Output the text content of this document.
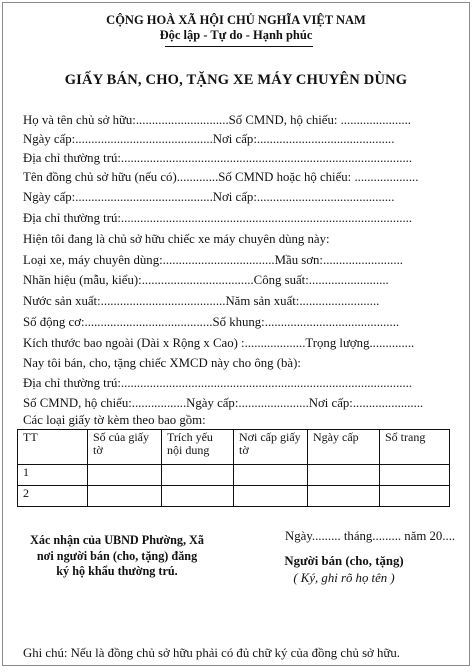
CỘNG HOÀ XÃ HỘI CHỦ NGHĨA VIỆT NAM
Độc lập - Tự do - Hạnh phúc
GIẤY BÁN, CHO, TẶNG XE MÁY CHUYÊN DÙNG
Họ và tên chủ sở hữu:.............................Số CMND, hộ chiếu: ......................
Ngày cấp:...........................................Nơi cấp:...........................................
Địa chỉ thường trú:...........................................................................................
Tên đồng chủ sở hữu (nếu có).............Số CMND hoặc hộ chiếu: ....................
Ngày cấp:...........................................Nơi cấp:...........................................
Địa chỉ thường trú:...........................................................................................
Hiện tôi đang là chủ sở hữu chiếc xe máy chuyên dùng này:
Loại xe, máy chuyên dùng:...................................Mầu sơn:.........................
Nhãn hiệu (mẫu, kiểu):...................................Công suất:.........................
Nước sản xuất:.......................................Năm sản xuất:.........................
Số động cơ:........................................Số khung:..........................................
Kích thước bao ngoài (Dài x Rộng x Cao) :...................Trọng lượng..............
Nay tôi bán, cho, tặng chiếc XMCD này cho ông (bà):
Địa chỉ thường trú:...........................................................................................
Số CMND, hộ chiếu:.................Ngày cấp:......................Nơi cấp:......................
Các loại giấy tờ kèm theo bao gồm:
TT	Số của giấy tờ	Trích yếu nội dung	Nơi cấp giấy tờ	Ngày cấp	Số trang
1					
2					
Xác nhận của UBND Phường, Xã
nơi người bán (cho, tặng) đăng
ký hộ khẩu thường trú.
Ngày......... tháng......... năm 20....
Người bán (cho, tặng)
( Ký, ghi rõ họ tên )
Ghi chú: Nếu là đồng chủ sở hữu phải có đủ chữ ký của đồng chủ sở hữu.
